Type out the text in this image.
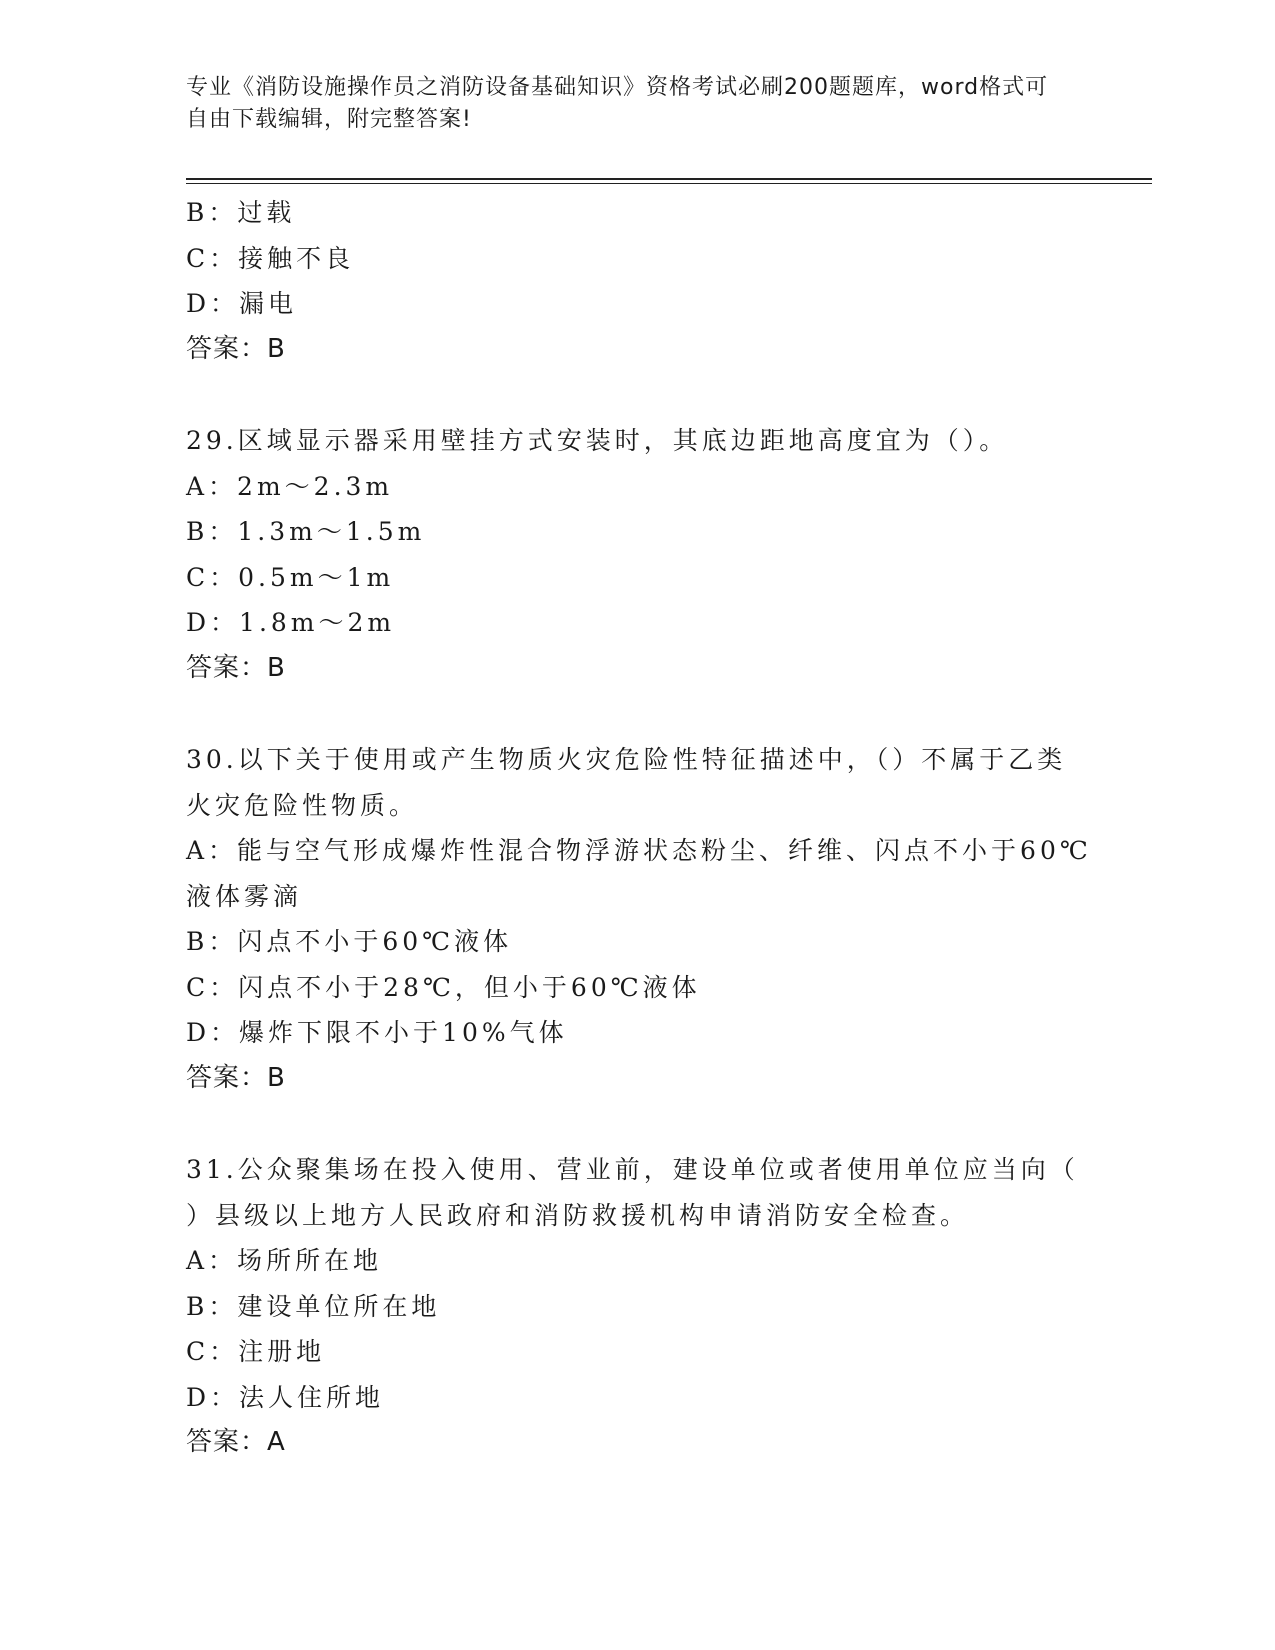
专业《消防设施操作员之消防设备基础知识》资格考试必刷200题题库，word格式可自由下载编辑，附完整答案!
B：过载
C：接触不良
D：漏电
答案：B
29.区域显示器采用壁挂方式安装时，其底边距地高度宜为（）。
A：2m～2.3m
B：1.3m～1.5m
C：0.5m～1m
D：1.8m～2m
答案：B
30.以下关于使用或产生物质火灾危险性特征描述中，（）不属于乙类
火灾危险性物质。
A：能与空气形成爆炸性混合物浮游状态粉尘、纤维、闪点不小于60℃
液体雾滴
B：闪点不小于60℃液体
C：闪点不小于28℃，但小于60℃液体
D：爆炸下限不小于10%气体
答案：B
31.公众聚集场在投入使用、营业前，建设单位或者使用单位应当向（
）县级以上地方人民政府和消防救援机构申请消防安全检查。
A：场所所在地
B：建设单位所在地
C：注册地
D：法人住所地
答案：A
